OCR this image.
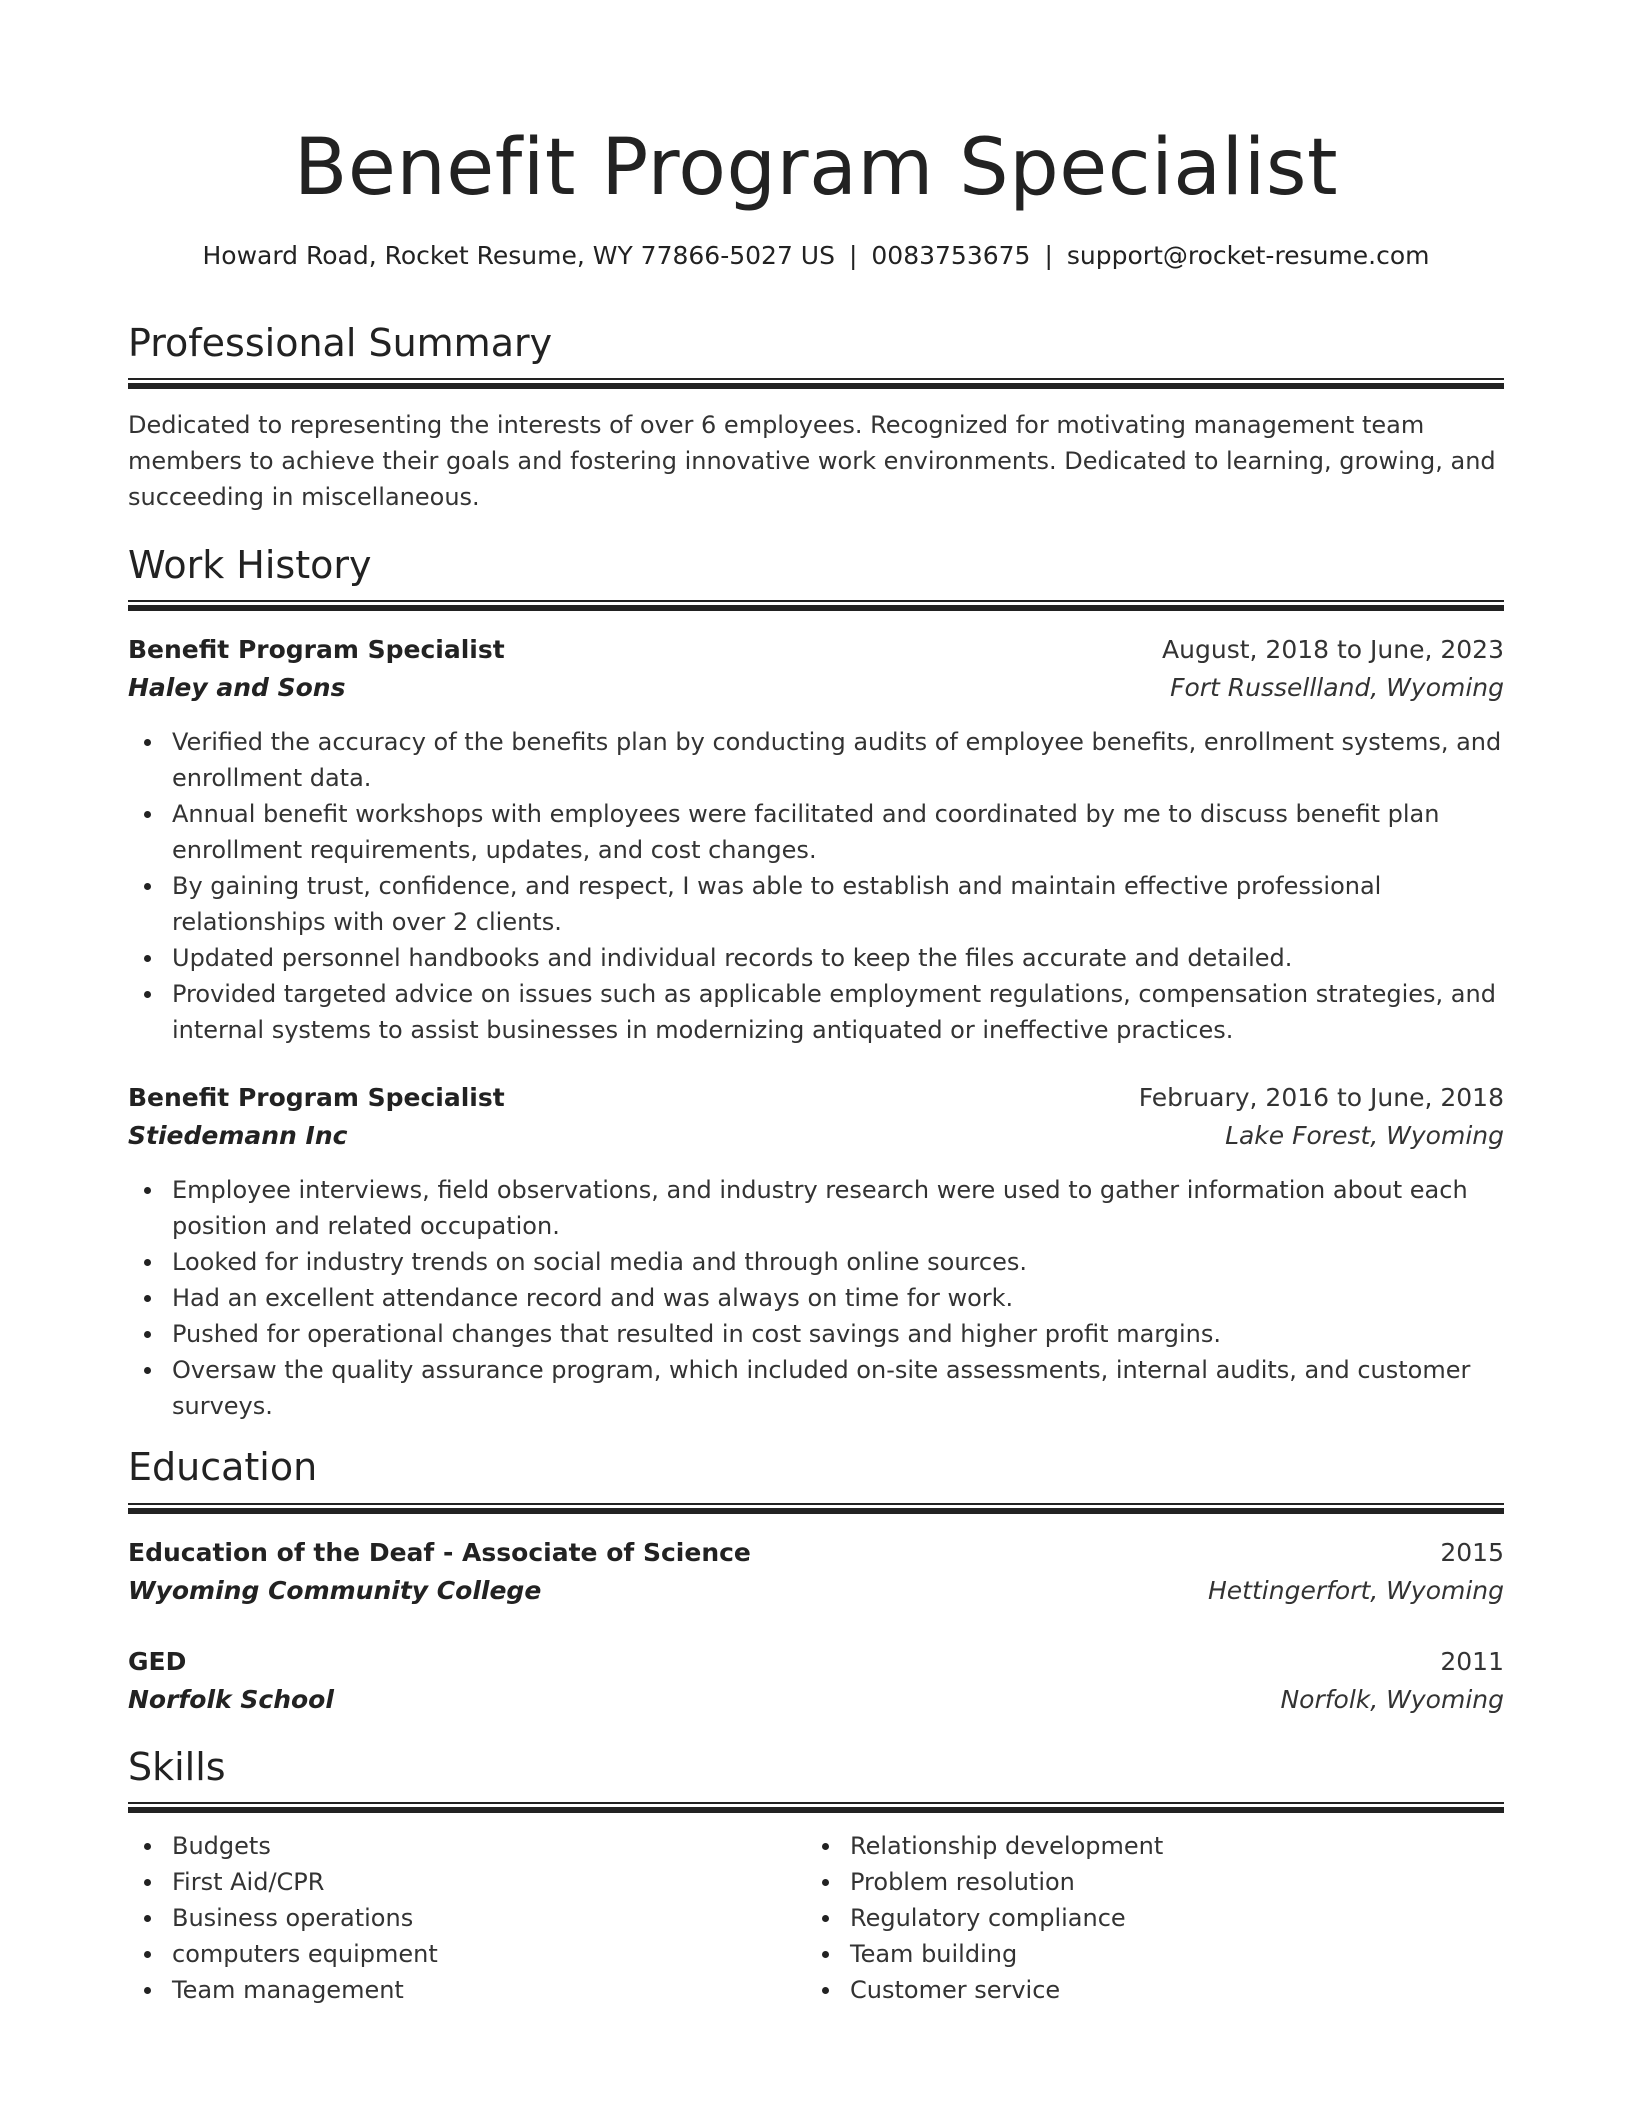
Benefit Program Specialist
Howard Road, Rocket Resume, WY 77866-5027 US | 0083753675 | support@rocket-resume.com
Professional Summary
Dedicated to representing the interests of over 6 employees. Recognized for motivating management team members to achieve their goals and fostering innovative work environments. Dedicated to learning, growing, and succeeding in miscellaneous.
Work History
Benefit Program Specialist	August, 2018 to June, 2023
Haley and Sons	Fort Russellland, Wyoming
Verified the accuracy of the benefits plan by conducting audits of employee benefits, enrollment systems, and enrollment data.
Annual benefit workshops with employees were facilitated and coordinated by me to discuss benefit plan enrollment requirements, updates, and cost changes.
By gaining trust, confidence, and respect, I was able to establish and maintain effective professional relationships with over 2 clients.
Updated personnel handbooks and individual records to keep the files accurate and detailed.
Provided targeted advice on issues such as applicable employment regulations, compensation strategies, and internal systems to assist businesses in modernizing antiquated or ineffective practices.
Benefit Program Specialist	February, 2016 to June, 2018
Stiedemann Inc	Lake Forest, Wyoming
Employee interviews, field observations, and industry research were used to gather information about each position and related occupation.
Looked for industry trends on social media and through online sources.
Had an excellent attendance record and was always on time for work.
Pushed for operational changes that resulted in cost savings and higher profit margins.
Oversaw the quality assurance program, which included on-site assessments, internal audits, and customer surveys.
Education
Education of the Deaf - Associate of Science	2015
Wyoming Community College	Hettingerfort, Wyoming
GED	2011
Norfolk School	Norfolk, Wyoming
Skills
Budgets
First Aid/CPR
Business operations
computers equipment
Team management
Relationship development
Problem resolution
Regulatory compliance
Team building
Customer service
